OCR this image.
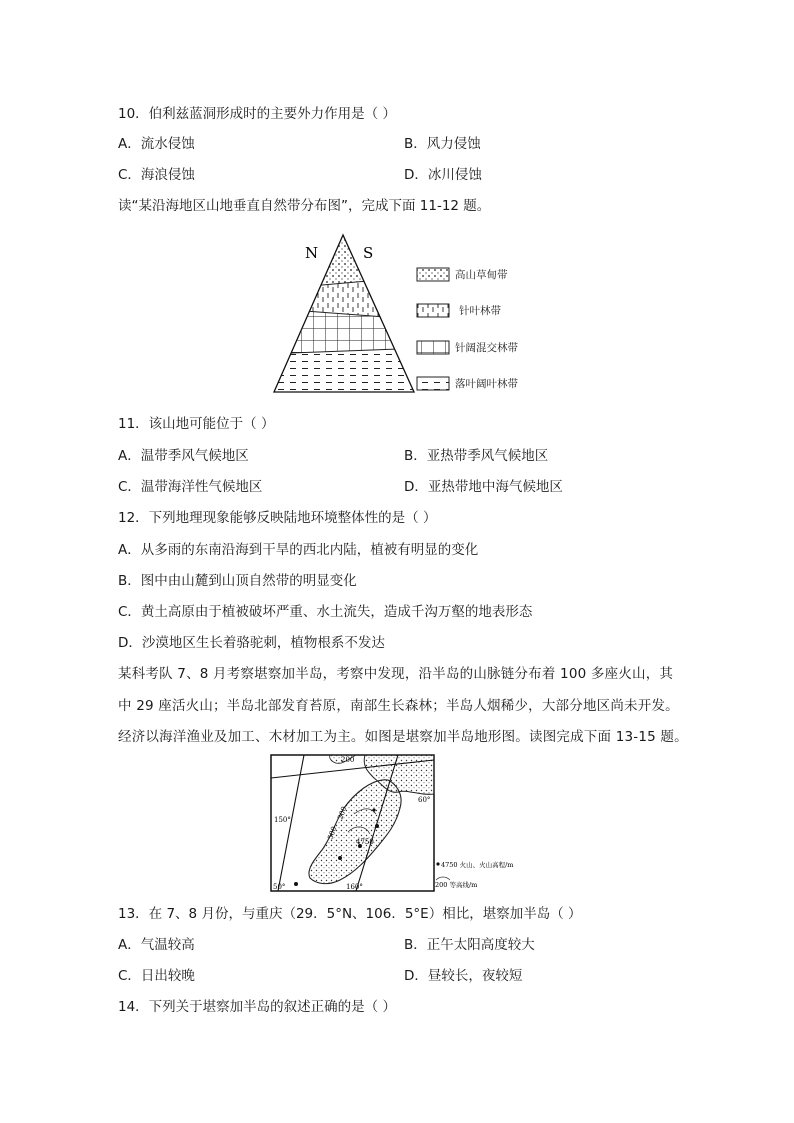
10．伯利兹蓝洞形成时的主要外力作用是（ ）
A．流水侵蚀	B．风力侵蚀
C．海浪侵蚀	D．冰川侵蚀
读“某沿海地区山地垂直自然带分布图”，完成下面 11-12 题。
N	S
高山草甸带
针叶林带
针阔混交林带
落叶阔叶林带
11．该山地可能位于（ ）
A．温带季风气候地区	B．亚热带季风气候地区
C．温带海洋性气候地区	D．亚热带地中海气候地区
12．下列地理现象能够反映陆地环境整体性的是（ ）
A．从多雨的东南沿海到干旱的西北内陆，植被有明显的变化
B．图中由山麓到山顶自然带的明显变化
C．黄土高原由于植被破坏严重、水土流失，造成千沟万壑的地表形态
D．沙漠地区生长着骆驼刺，植物根系不发达
某科考队 7、8 月考察堪察加半岛，考察中发现，沿半岛的山脉链分布着 100 多座火山，其
中 29 座活火山；半岛北部发育苔原，南部生长森林；半岛人烟稀少，大部分地区尚未开发。
经济以海洋渔业及加工、木材加工为主。如图是堪察加半岛地形图。读图完成下面 13-15 题。
200
60°
150°
500
200
4750
50°	160°
4750 火山、火山高程/m
200 等高线/m
13．在 7、8 月份，与重庆（29．5°N、106．5°E）相比，堪察加半岛（ ）
A．气温较高	B．正午太阳高度较大
C．日出较晚	D．昼较长，夜较短
14．下列关于堪察加半岛的叙述正确的是（ ）
